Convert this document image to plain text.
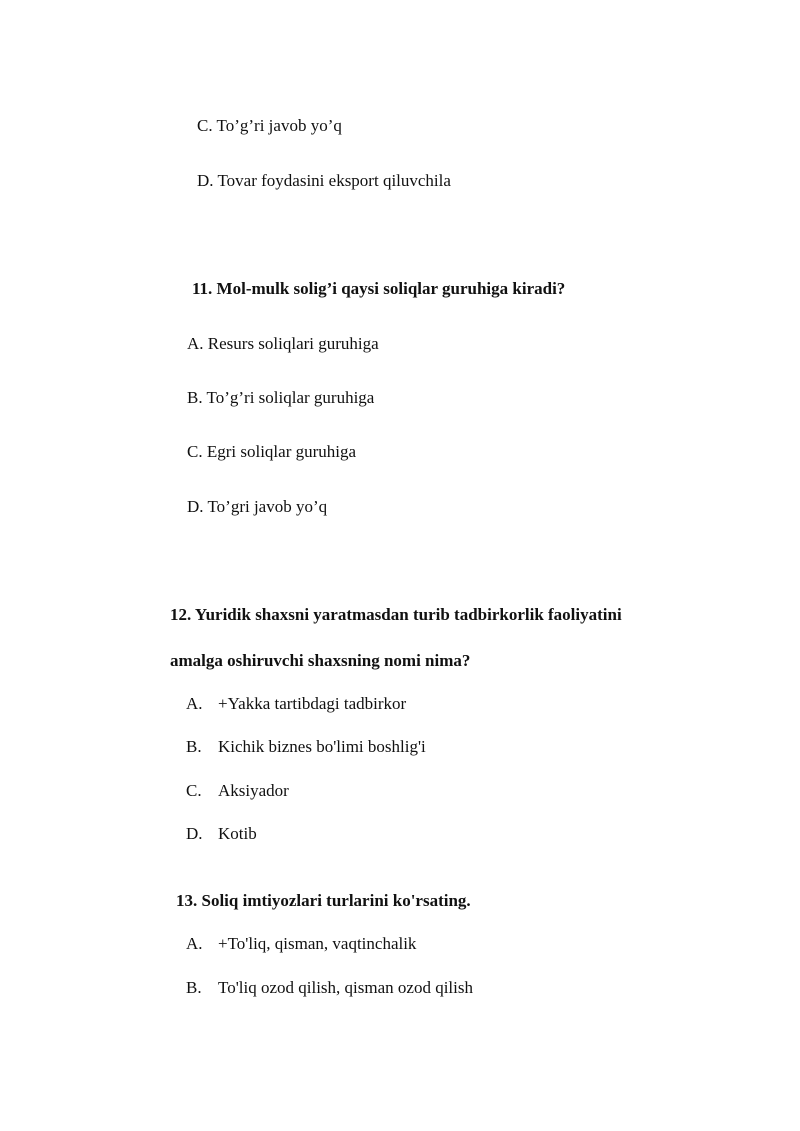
C. To’g’ri javob yo’q
D. Tovar foydasini eksport qiluvchila
11. Mol-mulk solig’i qaysi soliqlar guruhiga kiradi?
A. Resurs soliqlari guruhiga
B. To’g’ri soliqlar guruhiga
C. Egri soliqlar guruhiga
D. To’gri javob yo’q
12. Yuridik shaxsni yaratmasdan turib tadbirkorlik faoliyatini
amalga oshiruvchi shaxsning nomi nima?
A. +Yakka tartibdagi tadbirkor
B. Kichik biznes bo'limi boshlig'i
C. Aksiyador
D. Kotib
13. Soliq imtiyozlari turlarini ko'rsating.
A. +To'liq, qisman, vaqtinchalik
B. To'liq ozod qilish, qisman ozod qilish
